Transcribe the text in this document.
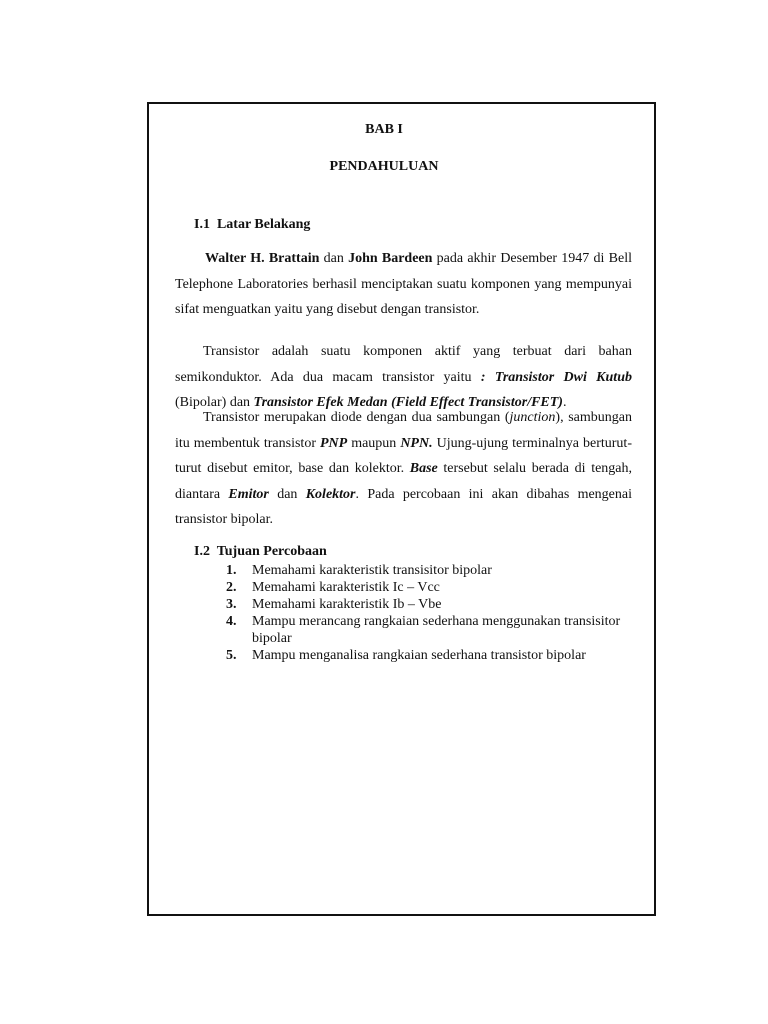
BAB I

PENDAHULUAN

I.1  Latar Belakang

Walter H. Brattain dan John Bardeen pada akhir Desember 1947 di Bell Telephone Laboratories berhasil menciptakan suatu komponen yang mempunyai sifat menguatkan yaitu yang disebut dengan transistor.

Transistor adalah suatu komponen aktif yang terbuat dari bahan semikonduktor. Ada dua macam transistor yaitu : Transistor Dwi Kutub (Bipolar) dan Transistor Efek Medan (Field Effect Transistor/FET).

Transistor merupakan diode dengan dua sambungan (junction), sambungan itu membentuk transistor PNP maupun NPN. Ujung-ujung terminalnya berturut-turut disebut emitor, base dan kolektor. Base tersebut selalu berada di tengah, diantara Emitor dan Kolektor. Pada percobaan ini akan dibahas mengenai transistor bipolar.

I.2  Tujuan Percobaan

1.	Memahami karakteristik transisitor bipolar
2.	Memahami karakteristik Ic – Vcc
3.	Memahami karakteristik Ib – Vbe
4.	Mampu merancang rangkaian sederhana menggunakan transisitor bipolar
5.	Mampu menganalisa rangkaian sederhana transistor bipolar
